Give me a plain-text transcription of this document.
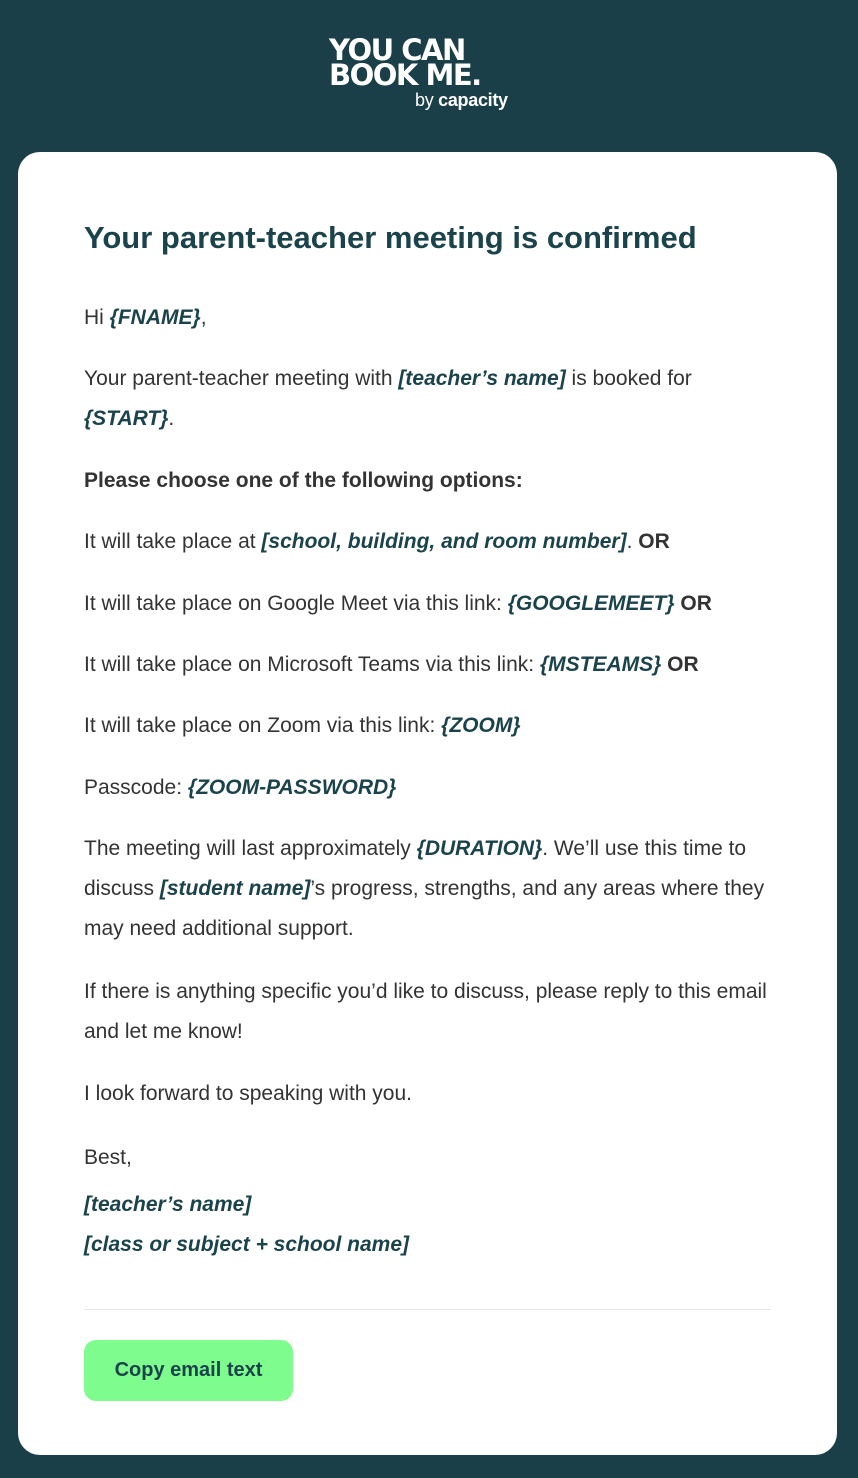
YOU CAN
BOOK ME.
by capacity
Your parent-teacher meeting is confirmed

Hi {FNAME},

Your parent-teacher meeting with [teacher’s name] is booked for {START}.

Please choose one of the following options:

It will take place at [school, building, and room number]. OR

It will take place on Google Meet via this link: {GOOGLEMEET} OR

It will take place on Microsoft Teams via this link: {MSTEAMS} OR

It will take place on Zoom via this link: {ZOOM}

Passcode: {ZOOM-PASSWORD}

The meeting will last approximately {DURATION}. We’ll use this time to discuss [student name]’s progress, strengths, and any areas where they may need additional support.

If there is anything specific you’d like to discuss, please reply to this email and let me know!

I look forward to speaking with you.

Best,

[teacher’s name]

[class or subject + school name]

Copy email text
